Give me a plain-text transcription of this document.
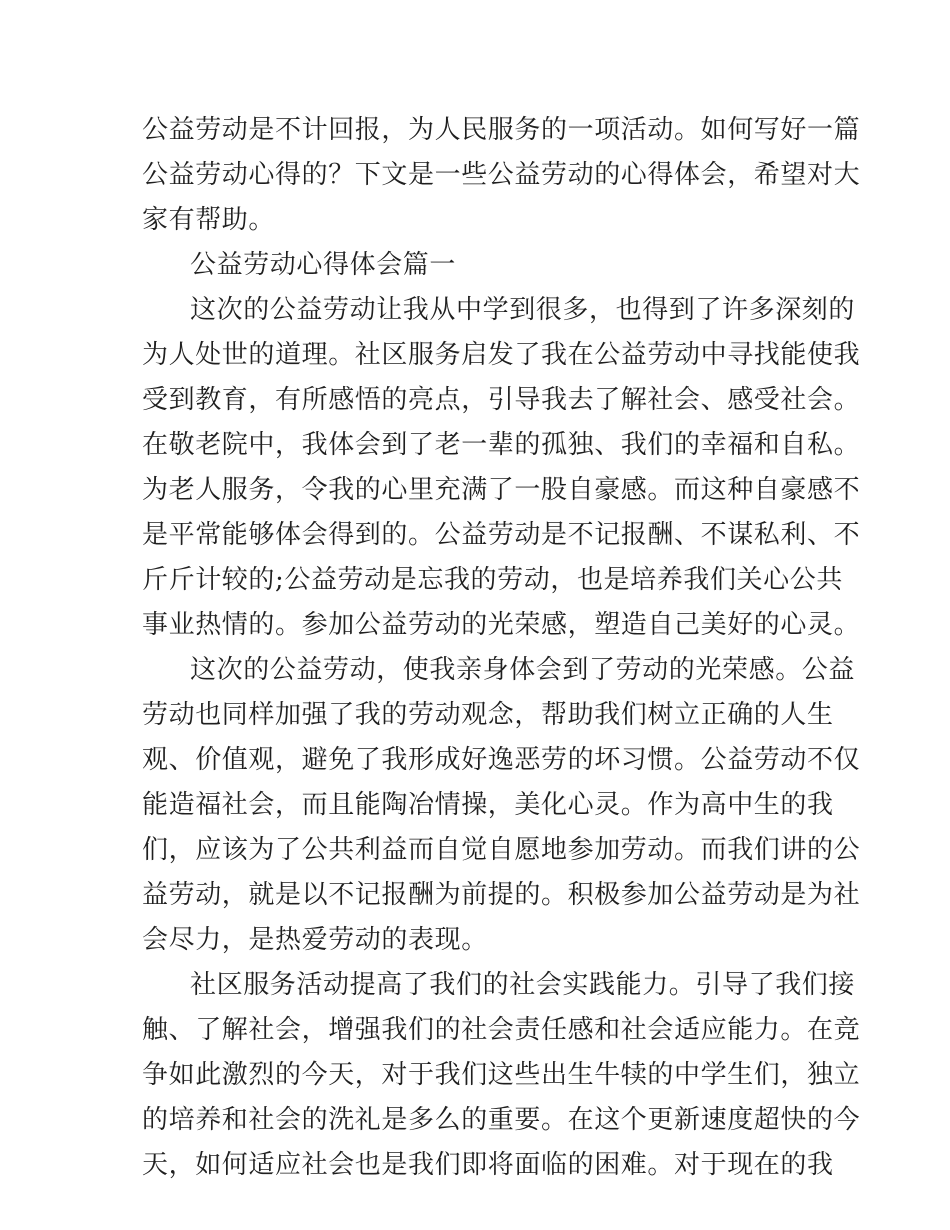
公益劳动是不计回报，为人民服务的一项活动。如何写好一篇
公益劳动心得的？下文是一些公益劳动的心得体会，希望对大
家有帮助。
公益劳动心得体会篇一
这次的公益劳动让我从中学到很多，也得到了许多深刻的
为人处世的道理。社区服务启发了我在公益劳动中寻找能使我
受到教育，有所感悟的亮点，引导我去了解社会、感受社会。
在敬老院中，我体会到了老一辈的孤独、我们的幸福和自私。
为老人服务，令我的心里充满了一股自豪感。而这种自豪感不
是平常能够体会得到的。公益劳动是不记报酬、不谋私利、不
斤斤计较的;公益劳动是忘我的劳动，也是培养我们关心公共
事业热情的。参加公益劳动的光荣感，塑造自己美好的心灵。
这次的公益劳动，使我亲身体会到了劳动的光荣感。公益
劳动也同样加强了我的劳动观念，帮助我们树立正确的人生
观、价值观，避免了我形成好逸恶劳的坏习惯。公益劳动不仅
能造福社会，而且能陶冶情操，美化心灵。作为高中生的我
们，应该为了公共利益而自觉自愿地参加劳动。而我们讲的公
益劳动，就是以不记报酬为前提的。积极参加公益劳动是为社
会尽力，是热爱劳动的表现。
社区服务活动提高了我们的社会实践能力。引导了我们接
触、了解社会，增强我们的社会责任感和社会适应能力。在竞
争如此激烈的今天，对于我们这些出生牛犊的中学生们，独立
的培养和社会的洗礼是多么的重要。在这个更新速度超快的今
天，如何适应社会也是我们即将面临的困难。对于现在的我
